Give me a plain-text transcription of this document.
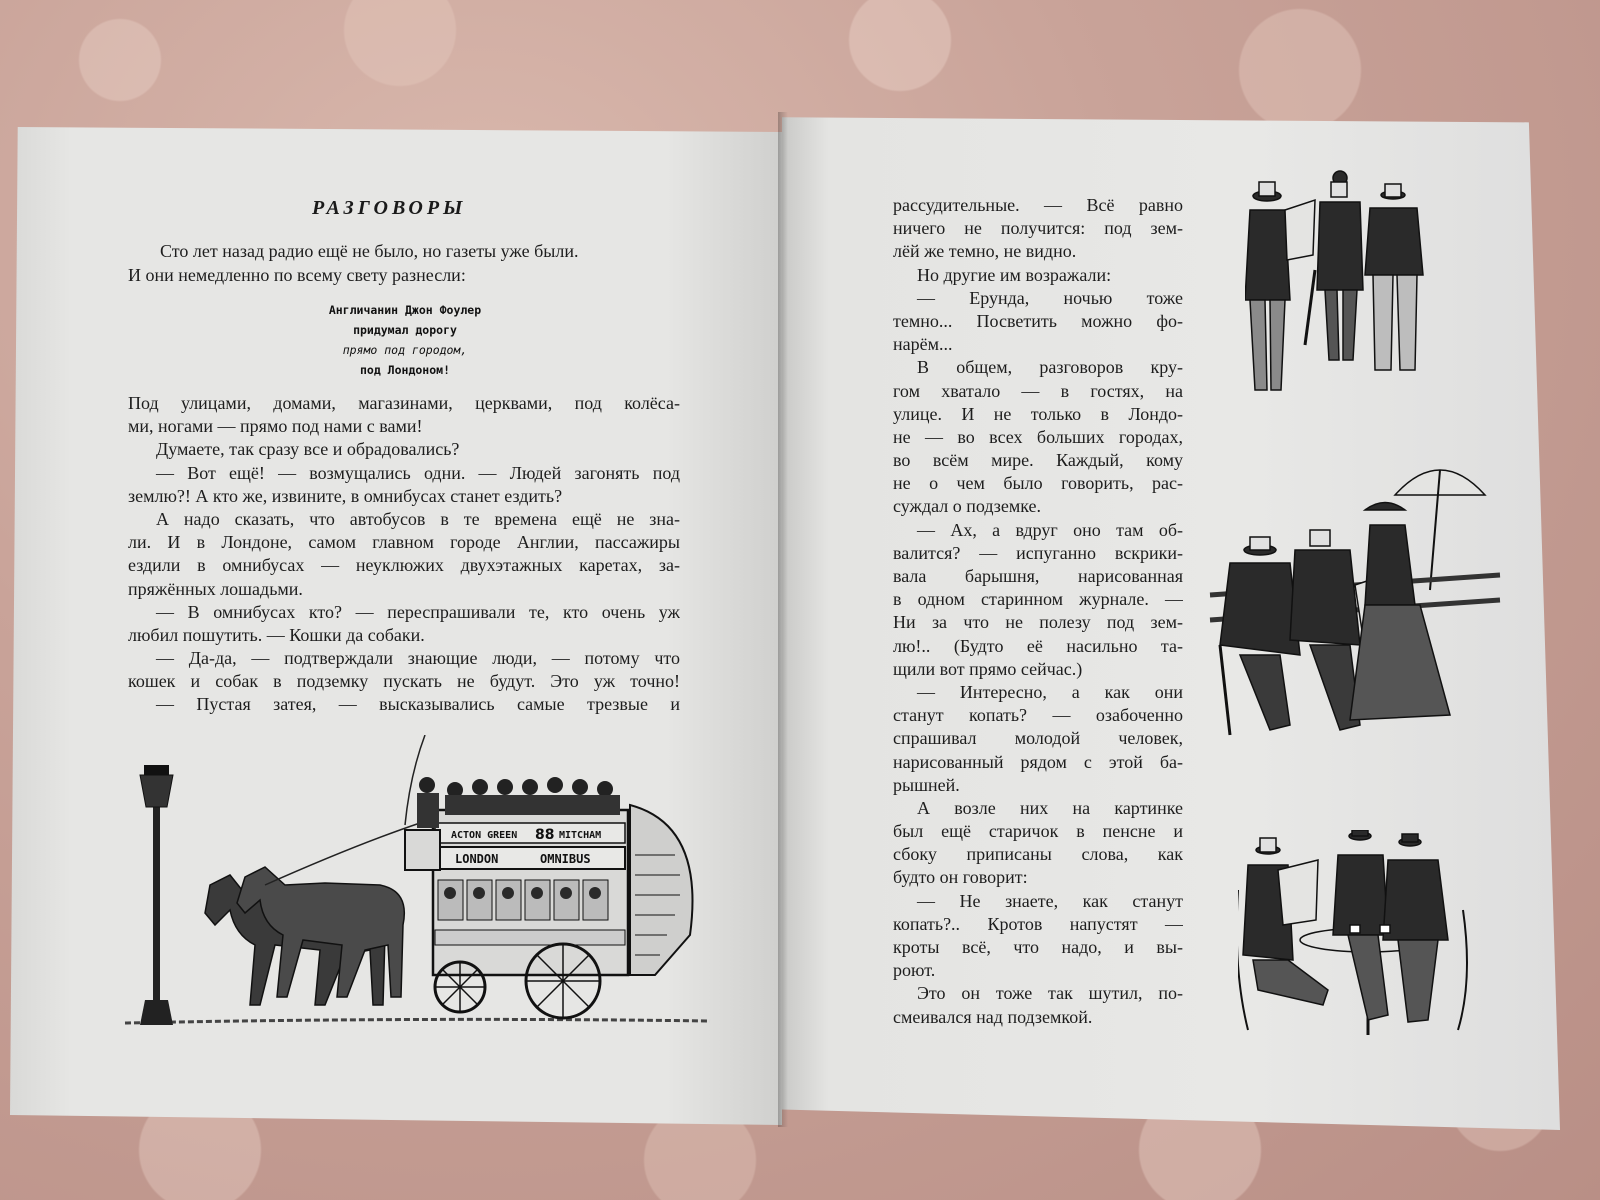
РАЗГОВОРЫ
Сто лет назад радио ещё не было, но газеты уже были.
И они немедленно по всему свету разнесли:
Англичанин Джон Фоулер
придумал дорогу
прямо под городом,
под Лондоном!
Под улицами, домами, магазинами, церквами, под колёса-
ми, ногами — прямо под нами с вами!
Думаете, так сразу все и обрадовались?
— Вот ещё! — возмущались одни. — Людей загонять под
землю?! А кто же, извините, в омнибусах станет ездить?
А надо сказать, что автобусов в те времена ещё не зна-
ли. И в Лондоне, самом главном городе Англии, пассажиры
ездили в омнибусах — неуклюжих двухэтажных каретах, за-
пряжённых лошадьми.
— В омнибусах кто? — переспрашивали те, кто очень уж
любил пошутить. — Кошки да собаки.
— Да-да, — подтверждали знающие люди, — потому что
кошек и собак в подземку пускать не будут. Это уж точно!
— Пустая затея, — высказывались самые трезвые и
ACTON GREEN 88 MITCHAM
LONDON	OMNIBUS
рассудительные. — Всё равно
ничего не получится: под зем-
лёй же темно, не видно.
Но другие им возражали:
— Ерунда, ночью тоже
темно... Посветить можно фо-
нарём...
В общем, разговоров кру-
гом хватало — в гостях, на
улице. И не только в Лондо-
не — во всех больших городах,
во всём мире. Каждый, кому
не о чем было говорить, рас-
суждал о подземке.
— Ах, а вдруг оно там об-
валится? — испуганно вскрики-
вала барышня, нарисованная
в одном старинном журнале. —
Ни за что не полезу под зем-
лю!.. (Будто её насильно та-
щили вот прямо сейчас.)
— Интересно, а как они
станут копать? — озабоченно
спрашивал молодой человек,
нарисованный рядом с этой ба-
рышней.
А возле них на картинке
был ещё старичок в пенсне и
сбоку приписаны слова, как
будто он говорит:
— Не знаете, как станут
копать?.. Кротов напустят —
кроты всё, что надо, и вы-
роют.
Это он тоже так шутил, по-
смеивался над подземкой.
